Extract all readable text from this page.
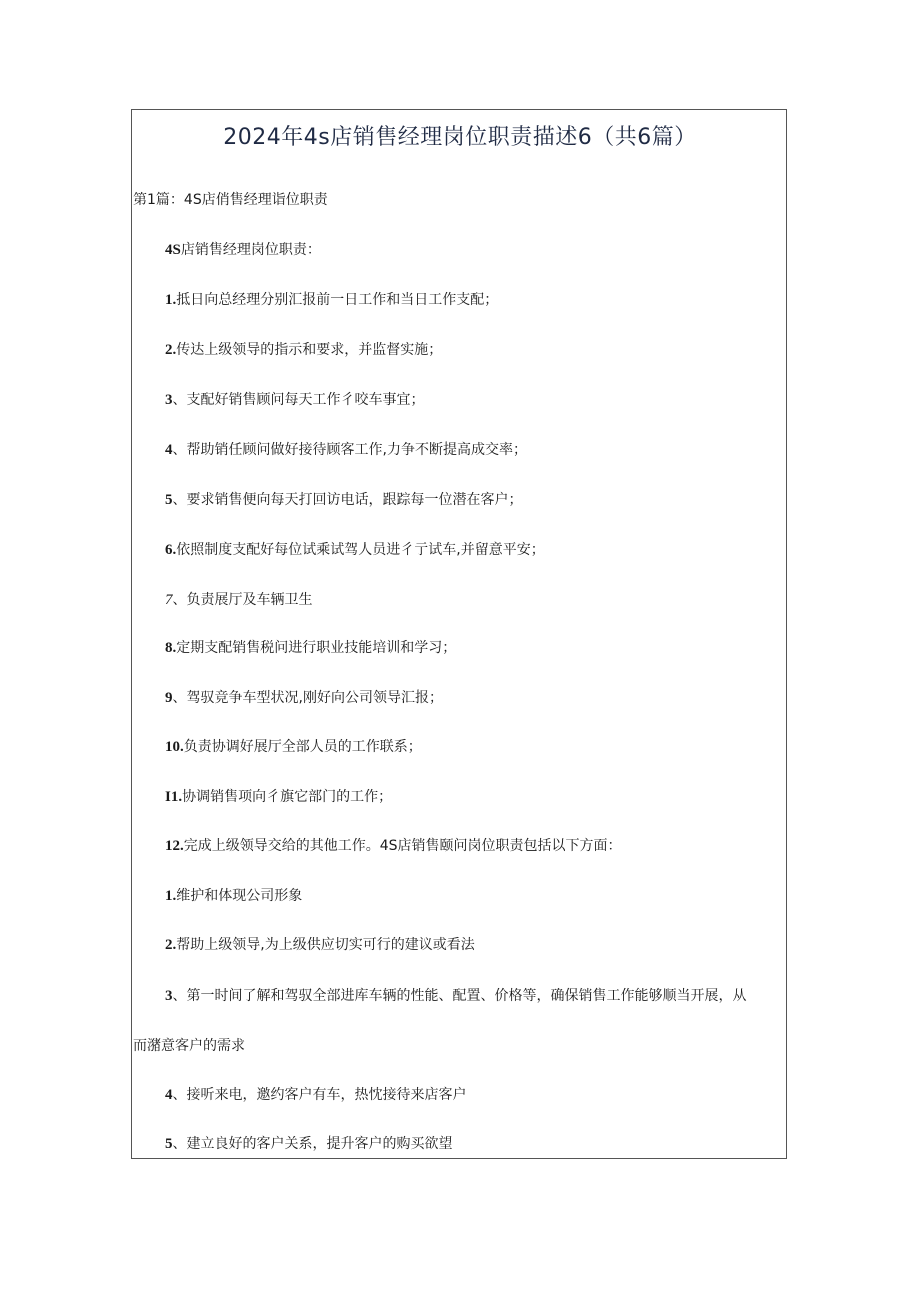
2024年4s店销售经理岗位职责描述6（共6篇）
第1篇：4S店俏售经理诣位职责
4S店销售经理岗位职责：
1.抵日向总经理分别汇报前一日工作和当日工作支配；
2.传达上级领导的指示和要求，并监督实施；
3、支配好销售顾问每天工作彳咬车事宜；
4、帮助销任顾问做好接待顾客工作,力争不断提高成交率；
5、要求销售便向每天打回访电话，跟踪每一位潜在客户；
6.依照制度支配好每位试乘试驾人员进彳亍试车,并留意平安；
7、负责展厅及车辆卫生
8.定期支配销售税问进行职业技能培训和学习；
9、驾驭竞争车型状况,刚好向公司领导汇报；
10.负责协调好展厅全部人员的工作联系；
I1.协调销售项向彳旗它部门的工作；
12.完成上级领导交给的其他工作。4S店销售颐问岗位职责包括以下方面：
1.维护和体现公司形象
2.帮助上级领导,为上级供应切实可行的建议或看法
3、第一时间了解和驾驭全部进库车辆的性能、配置、价格等，确保销售工作能够顺当开展，从
而潴意客户的需求
4、接听来电，邀约客户有车，热忱接待来店客户
5、建立良好的客户关系，提升客户的购买欲望
